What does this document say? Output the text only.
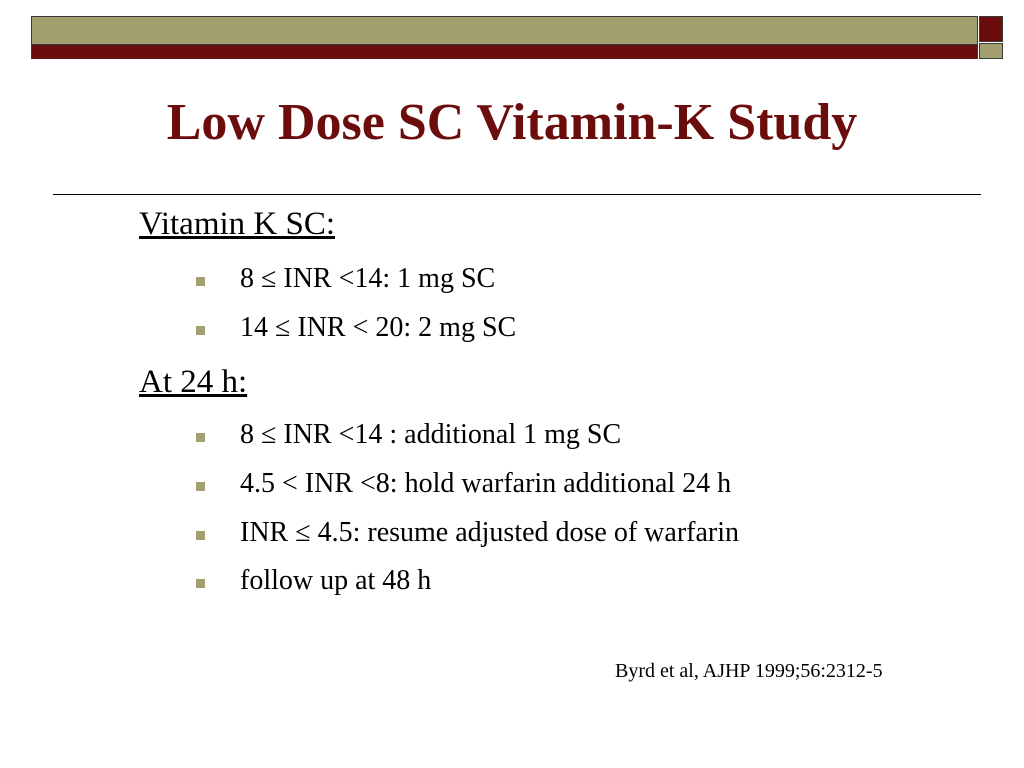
Low Dose SC Vitamin-K Study
Vitamin K SC:
8 ≤ INR <14: 1 mg SC
14 ≤ INR < 20: 2 mg SC
At 24 h:
8 ≤ INR <14 : additional 1 mg SC
4.5 < INR <8: hold warfarin additional 24 h
INR ≤ 4.5: resume adjusted dose of warfarin
follow up at 48 h
Byrd et al, AJHP 1999;56:2312-5
